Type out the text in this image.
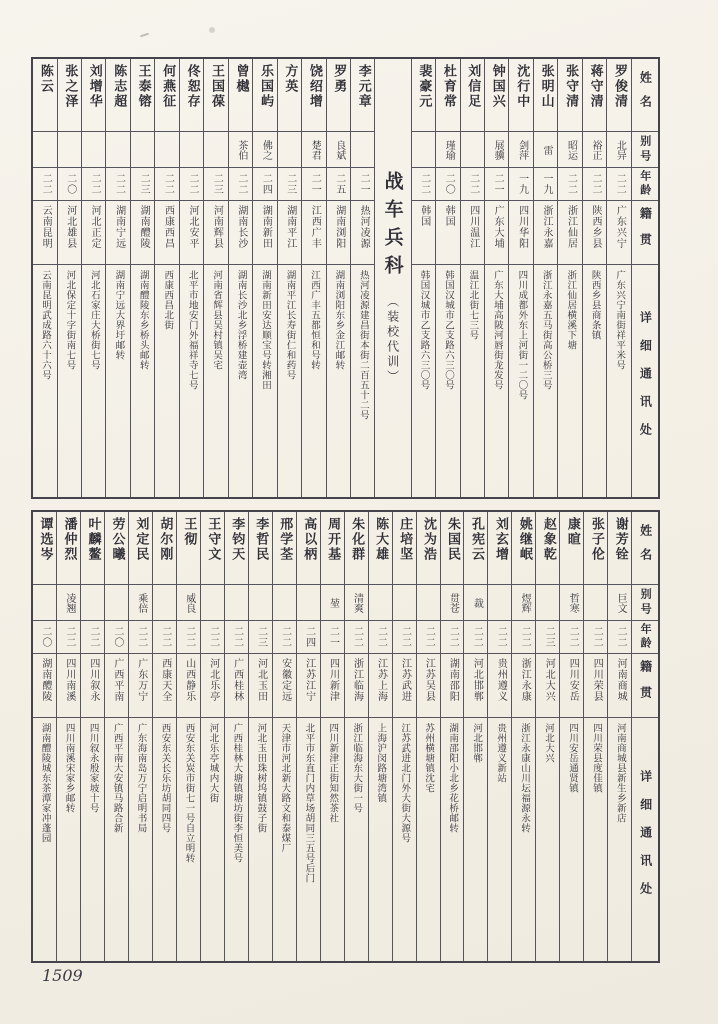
姓名
别号
年龄
籍贯
详细通讯处
罗俊清
北异
二二
广东兴宁
广东兴宁南街祥平米号
蒋守清
裕正
二二
陕西乡县
陕西乡县商条镇
张守清
昭运
二二
浙江仙居
浙江仙居横溪下塘
张明山
雷
一九
浙江永嘉
浙江永嘉五马街高公桥三号
沈行中
剑萍
一九
四川华阳
四川成都外东上河街一二〇号
钟国兴
展骥
二一
广东大埔
广东大埔高陂河唇街龙发号
刘信足
二二
四川温江
温江北街七三号
杜育常
瑾瑜
二〇
韩国
韩国汉城市乙支路六三〇号
裴豪元
二二
韩国
韩国汉城市乙支路六三〇号
战车兵科
（装校代训）
李元章
二一
热河凌源
热河凌源建昌街本街二百五十二号
罗勇
良斌
二五
湖南浏阳
湖南浏阳东乡金江邮转
饶绍增
楚君
二一
江西广丰
江西广丰五都恒和号转
方英
二三
湖南平江
湖南平江长寿街仁和药号
乐国屿
佛之
二四
湖南新田
湖南新田安达顺宝号转湘田
曾樾
茶伯
二二
湖南长沙
湖南长沙北乡浮桥建壶湾
王国葆
二三
河南辉县
河南省辉县吴村镇吴宅
佟恕存
二二
河北安平
北平市地安门外福祥寺七号
何燕征
二二
西康西昌
西康西昌北街
王泰镕
二三
湖南醴陵
湖南醴陵东乡桥头邮转
陈志超
二二
湖南宁远
湖南宁远大界圩邮转
刘增华
二二
河北正定
河北石家庄大桥街七号
张之泽
二〇
河北雄县
河北保定十字街南七号
陈云
二二
云南昆明
云南昆明武成路六十六号
姓名
别号
年龄
籍贯
详细通讯处
谢芳铨
巨文
二二
河南商城
河南商城县新生乡新店
张子伦
二二
四川荣县
四川荣县度佳镇
康暄
哲寒
二二
四川安岳
四川安岳通贤镇
赵象乾
二三
河北大兴
河北大兴
姚继岷
煜辉
二二
浙江永康
浙江永康山川坛福源永转
刘玄增
二二
贵州遵义
贵州遵义新站
孔宪云
裁
二二
河北邯郸
河北邯郸
朱国民
贯苍
二二
湖南邵阳
湖南邵阳小北乡花桥邮转
沈为浩
二二
江苏吴县
苏州横塘镇沈宅
庄培坚
二二
江苏武进
江苏武进北门外大街大源号
陈大雄
二二
江苏上海
上海沪闵路塘湾镇
朱化群
清爽
二二
浙江临海
浙江临海东大街一号
周开基
堃
二一
四川新津
四川新津正街知然茶社
高以柄
二四
江苏江宁
北平市东直门内草场胡同三五号后门
邢学荃
二二
安徽定远
天津市河北新大路文和泰煤厂
李哲民
二三
河北玉田
河北玉田珠树坞镇鼓子街
李钧天
二二
广西桂林
广西桂林大塘镇塘坊街李恒美号
王守文
二二
河北乐亭
河北乐亭城内大街
王彻
威良
二二
山西静乐
西安东关炭市街七一号自立明转
胡尔刚
二二
西康天全
西安东关长乐坊胡同四号
刘定民
乘倍
二二
广东万宁
广东海南岛万宁启明书局
劳公曦
二〇
广西平南
广西平南大安镇马路合新
叶麟鳌
二二
四川叙永
四川叙永殷家坡十号
潘仲烈
凌翘
二二
四川南溪
四川南溪宋家乡邮转
谭选岑
二〇
湖南醴陵
湖南醴陵城东茶潭家冲蓬园
1509
